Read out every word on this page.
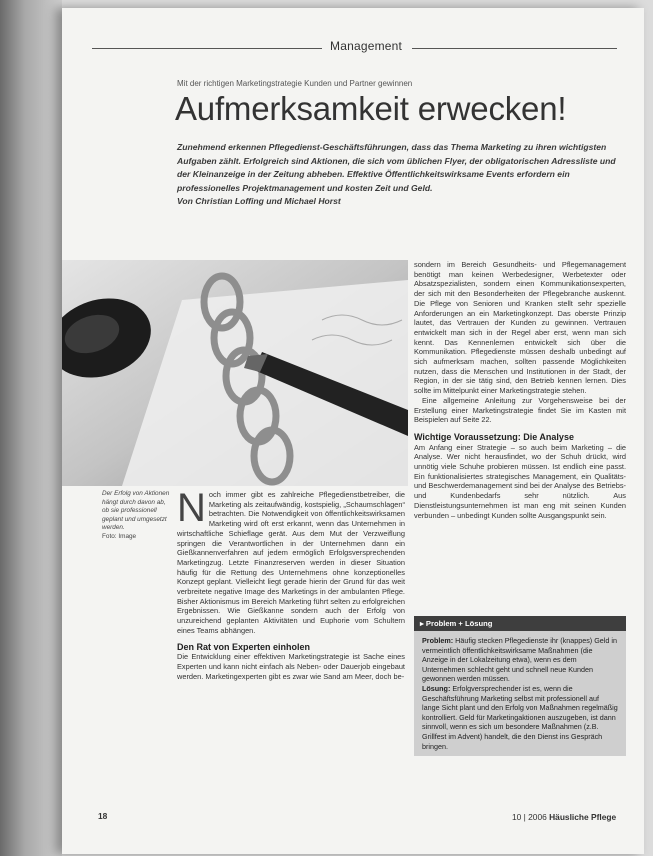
Management
Mit der richtigen Marketingstrategie Kunden und Partner gewinnen
Aufmerksamkeit erwecken!
Zunehmend erkennen Pflegedienst-Geschäftsführungen, dass das Thema Marketing zu ihren wichtigsten Aufgaben zählt. Erfolgreich sind Aktionen, die sich vom üblichen Flyer, der obligatorischen Adressliste und der Kleinanzeige in der Zeitung abheben. Effektive Öffentlichkeitswirksame Events erfordern ein professionelles Projektmanagement und kosten Zeit und Geld.
Von Christian Loffing und Michael Horst
Der Erfolg von Aktionen hängt durch davon ab, ob sie professionell geplant und umgesetzt werden.
Foto: Image

Noch immer gibt es zahlreiche Pflegedienstbetreiber, die Marketing als zeitaufwändig, kostspielig, „Schaumschlagen“ betrachten. Die Notwendigkeit von öffentlichkeitswirksamen Marketing wird oft erst erkannt, wenn das Unternehmen in wirtschaftliche Schieflage gerät. Aus dem Mut der Verzweiflung springen die Verantwortlichen in der Unternehmen dann ein Gießkannenverfahren auf jedem ermöglich Erfolgsversprechenden Marketingzug. Letzte Finanzreserven werden in dieser Situation häufig für die Rettung des Unternehmens ohne konzeptionelles Konzept geplant. Vielleicht liegt gerade hierin der Grund für das weit verbreitete negative Image des Marketings in der ambulanten Pflege. Bisher Aktionismus im Bereich Marketing führt selten zu erfolgreichen Ergebnissen. Wie Gießkanne sondern auch der Erfolg von unzureichend geplanten Aktivitäten und Euphorie vom Schultern eines Teams abhängen.

Den Rat von Experten einholen

Die Entwicklung einer effektiven Marketingstrategie ist Sache eines Experten und kann nicht einfach als Neben- oder Dauerjob eingebaut werden. Marketingexperten gibt es zwar wie Sand am Meer, doch be-

sondern im Bereich Gesundheits- und Pflegemanagement benötigt man keinen Werbedesigner, Werbetexter oder Absatzspezialisten, sondern einen Kommunikationsexperten, der sich mit den Besonderheiten der Pflegebranche auskennt. Die Pflege von Senioren und Kranken stellt sehr spezielle Anforderungen an ein Marketingkonzept. Das oberste Prinzip lautet, das Vertrauen der Kunden zu gewinnen. Vertrauen entwickelt man sich in der Regel aber erst, wenn man sich kennt. Das Kennenlernen entwickelt sich über die Kommunikation. Pflegedienste müssen deshalb unbedingt auf sich aufmerksam machen, sollten passende Möglichkeiten nutzen, dass die Menschen und Institutionen in der Stadt, der Region, in der sie tätig sind, den Betrieb kennen lernen. Dies sollte im Mittelpunkt einer Marketingstrategie stehen.

Eine allgemeine Anleitung zur Vorgehensweise bei der Erstellung einer Marketingstrategie findet Sie im Kasten mit Beispielen auf Seite 22.

Wichtige Voraussetzung: Die Analyse

Am Anfang einer Strategie – so auch beim Marketing – die Analyse. Wer nicht herausfindet, wo der Schuh drückt, wird unnötig viele Schuhe probieren müssen. Ist endlich eine passt. Ein funktionalisiertes strategisches Management, ein Qualitäts- und Beschwerdemanagement sind bei der Analyse des Betriebs- und Kundenbedarfs sehr nützlich. Aus Dienstleistungsunternehmen ist man eng mit seinen Kunden verbunden – unbedingt Kunden sollte Ausgangspunkt sein.

▸ Problem + Lösung
Problem: Häufig stecken Pflegedienste ihr (knappes) Geld in vermeintlich öffentlichkeitswirksame Maßnahmen (die Anzeige in der Lokalzeitung etwa), wenn es dem Unternehmen schlecht geht und schnell neue Kunden gewonnen werden müssen.
Lösung: Erfolgversprechender ist es, wenn die Geschäftsführung Marketing selbst mit professionell auf lange Sicht plant und den Erfolg von Maßnahmen regelmäßig kontrolliert. Geld für Marketingaktionen auszugeben, ist dann sinnvoll, wenn es sich um besondere Maßnahmen (z.B. Grillfest im Advent) handelt, die den Dienst ins Gespräch bringen.
18	10 | 2006 Häusliche Pflege
